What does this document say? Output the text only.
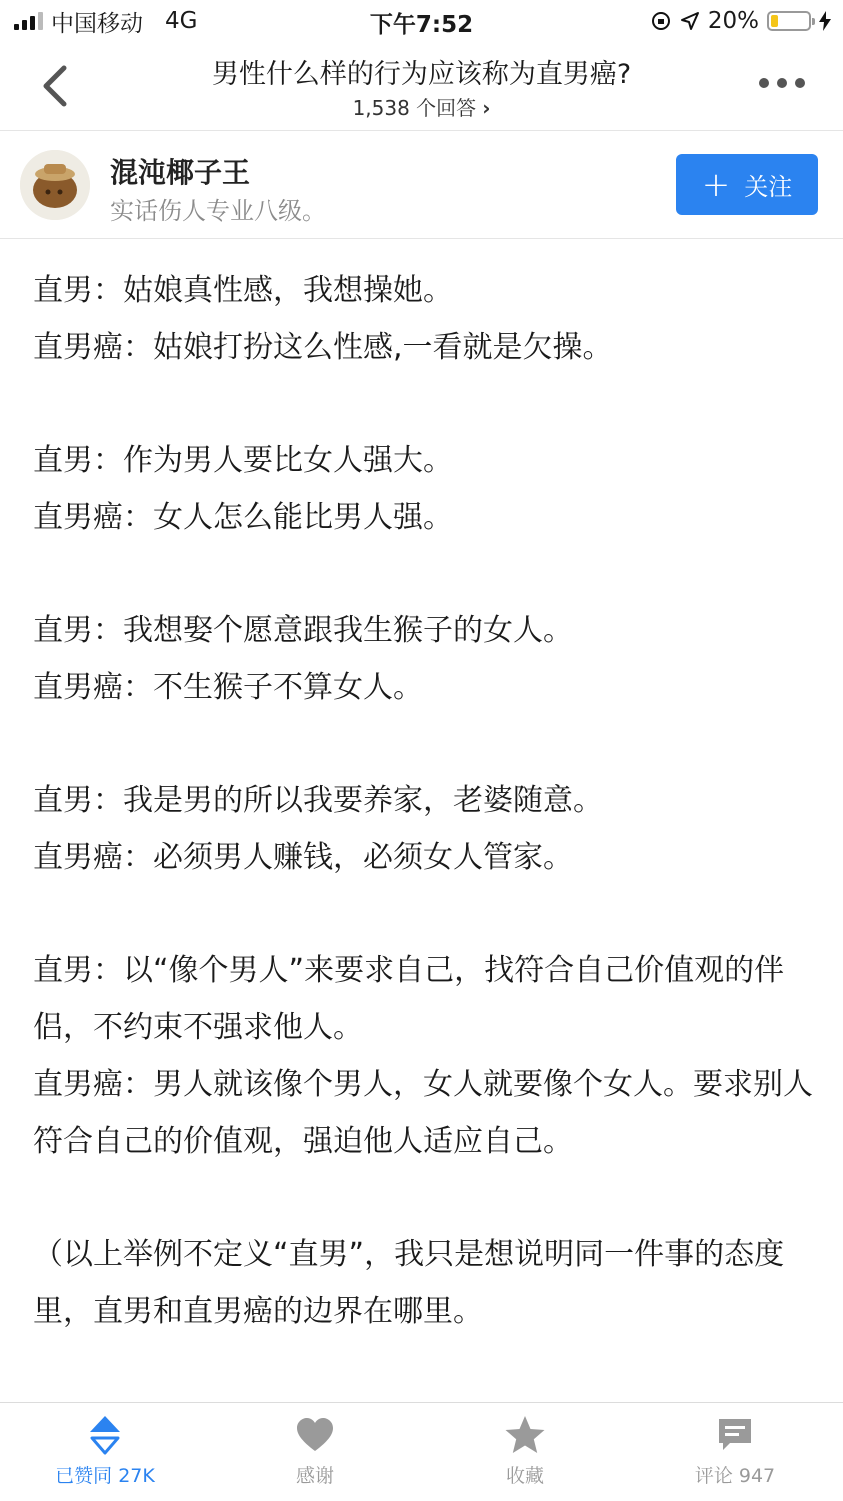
中国移动 4G	下午7:52	20%
男性什么样的行为应该称为直男癌?
1,538 个回答 ›
混沌椰子王
实话伤人专业八级。
+ 关注

直男：姑娘真性感，我想操她。

直男癌：姑娘打扮这么性感,一看就是欠操。

直男：作为男人要比女人强大。

直男癌：女人怎么能比男人强。

直男：我想娶个愿意跟我生猴子的女人。

直男癌：不生猴子不算女人。

直男：我是男的所以我要养家，老婆随意。

直男癌：必须男人赚钱，必须女人管家。

直男：以“像个男人”来要求自己，找符合自己价值观的伴侣，不约束不强求他人。

直男癌：男人就该像个男人，女人就要像个女人。要求别人符合自己的价值观，强迫他人适应自己。

（以上举例不定义“直男”，我只是想说明同一件事的态度里，直男和直男癌的边界在哪里。

已赞同 27K	感谢	收藏	评论 947
